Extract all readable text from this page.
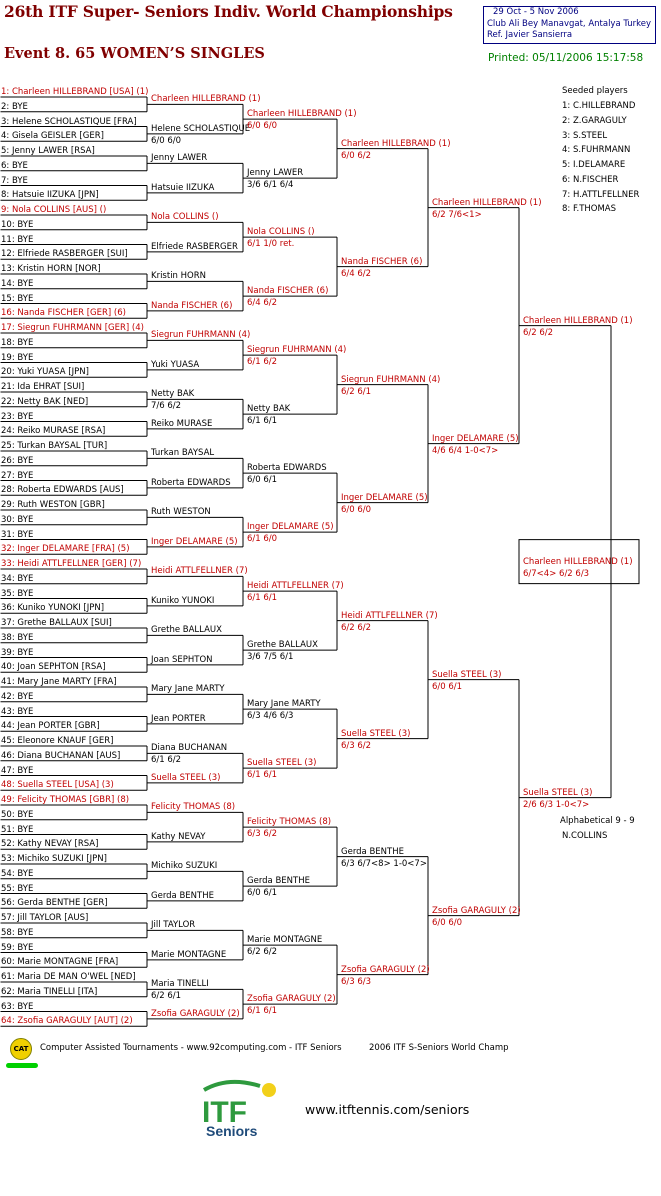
26th ITF Super- Seniors Indiv. World Championships
Event 8. 65 WOMEN’S SINGLES
29 Oct - 5 Nov 2006
Club Ali Bey Manavgat, Antalya Turkey
Ref. Javier Sansierra
Printed: 05/11/2006 15:17:58
1: Charleen HILLEBRAND [USA] (1)
2: BYE
3: Helene SCHOLASTIQUE [FRA]
4: Gisela GEISLER [GER]
5: Jenny LAWER [RSA]
6: BYE
7: BYE
8: Hatsuie IIZUKA [JPN]
9: Nola COLLINS [AUS] ()
10: BYE
11: BYE
12: Elfriede RASBERGER [SUI]
13: Kristin HORN [NOR]
14: BYE
15: BYE
16: Nanda FISCHER [GER] (6)
17: Siegrun FUHRMANN [GER] (4)
18: BYE
19: BYE
20: Yuki YUASA [JPN]
21: Ida EHRAT [SUI]
22: Netty BAK [NED]
23: BYE
24: Reiko MURASE [RSA]
25: Turkan BAYSAL [TUR]
26: BYE
27: BYE
28: Roberta EDWARDS [AUS]
29: Ruth WESTON [GBR]
30: BYE
31: BYE
32: Inger DELAMARE [FRA] (5)
33: Heidi ATTLFELLNER [GER] (7)
34: BYE
35: BYE
36: Kuniko YUNOKI [JPN]
37: Grethe BALLAUX [SUI]
38: BYE
39: BYE
40: Joan SEPHTON [RSA]
41: Mary Jane MARTY [FRA]
42: BYE
43: BYE
44: Jean PORTER [GBR]
45: Eleonore KNAUF [GER]
46: Diana BUCHANAN [AUS]
47: BYE
48: Suella STEEL [USA] (3)
49: Felicity THOMAS [GBR] (8)
50: BYE
51: BYE
52: Kathy NEVAY [RSA]
53: Michiko SUZUKI [JPN]
54: BYE
55: BYE
56: Gerda BENTHE [GER]
57: Jill TAYLOR [AUS]
58: BYE
59: BYE
60: Marie MONTAGNE [FRA]
61: Maria DE MAN O'WEL [NED]
62: Maria TINELLI [ITA]
63: BYE
64: Zsofia GARAGULY [AUT] (2)
Charleen HILLEBRAND (1)
Helene SCHOLASTIQUE
6/0 6/0
Jenny LAWER
Hatsuie IIZUKA
Nola COLLINS ()
Elfriede RASBERGER
Kristin HORN
Nanda FISCHER (6)
Siegrun FUHRMANN (4)
Yuki YUASA
Netty BAK
7/6 6/2
Reiko MURASE
Turkan BAYSAL
Roberta EDWARDS
Ruth WESTON
Inger DELAMARE (5)
Heidi ATTLFELLNER (7)
Kuniko YUNOKI
Grethe BALLAUX
Joan SEPHTON
Mary Jane MARTY
Jean PORTER
Diana BUCHANAN
6/1 6/2
Suella STEEL (3)
Felicity THOMAS (8)
Kathy NEVAY
Michiko SUZUKI
Gerda BENTHE
Jill TAYLOR
Marie MONTAGNE
Maria TINELLI
6/2 6/1
Zsofia GARAGULY (2)
Charleen HILLEBRAND (1)
6/0 6/0
Jenny LAWER
3/6 6/1 6/4
Nola COLLINS ()
6/1 1/0 ret.
Nanda FISCHER (6)
6/4 6/2
Siegrun FUHRMANN (4)
6/1 6/2
Netty BAK
6/1 6/1
Roberta EDWARDS
6/0 6/1
Inger DELAMARE (5)
6/1 6/0
Heidi ATTLFELLNER (7)
6/1 6/1
Grethe BALLAUX
3/6 7/5 6/1
Mary Jane MARTY
6/3 4/6 6/3
Suella STEEL (3)
6/1 6/1
Felicity THOMAS (8)
6/3 6/2
Gerda BENTHE
6/0 6/1
Marie MONTAGNE
6/2 6/2
Zsofia GARAGULY (2)
6/1 6/1
Charleen HILLEBRAND (1)
6/0 6/2
Nanda FISCHER (6)
6/4 6/2
Siegrun FUHRMANN (4)
6/2 6/1
Inger DELAMARE (5)
6/0 6/0
Heidi ATTLFELLNER (7)
6/2 6/2
Suella STEEL (3)
6/3 6/2
Gerda BENTHE
6/3 6/7<8> 1-0<7>
Zsofia GARAGULY (2)
6/3 6/3
Charleen HILLEBRAND (1)
6/2 7/6<1>
Inger DELAMARE (5)
4/6 6/4 1-0<7>
Suella STEEL (3)
6/0 6/1
Zsofia GARAGULY (2)
6/0 6/0
Charleen HILLEBRAND (1)
6/2 6/2
Suella STEEL (3)
2/6 6/3 1-0<7>
Charleen HILLEBRAND (1)
6/7<4> 6/2 6/3
Seeded players
1: C.HILLEBRAND
2: Z.GARAGULY
3: S.STEEL
4: S.FUHRMANN
5: I.DELAMARE
6: N.FISCHER
7: H.ATTLFELLNER
8: F.THOMAS
Alphabetical 9 - 9
N.COLLINS
CAT	Computer Assisted Tournaments - www.92computing.com - ITF Seniors	2006 ITF S-Seniors World Champ
ITF
Seniors
www.itftennis.com/seniors
